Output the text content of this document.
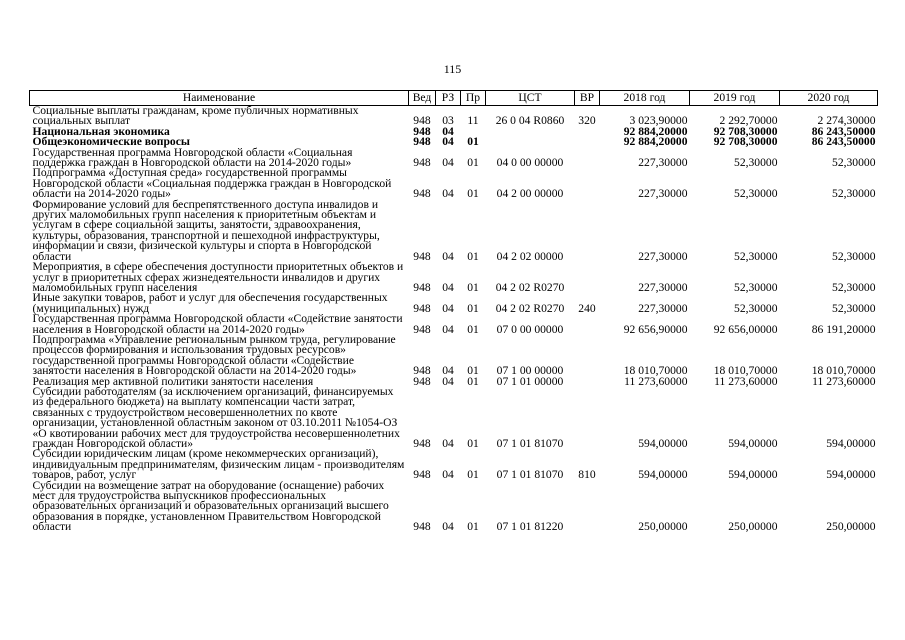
115
Наименование	Вед	РЗ	Пр	ЦСТ	ВР	2018 год	2019 год	2020 год
Социальные выплаты гражданам, кроме публичных нормативных социальных выплат	948	03	11	26 0 04 R0860	320	3 023,90000	2 292,70000	2 274,30000
Национальная экономика	948	04				92 884,20000	92 708,30000	86 243,50000
Общеэкономические вопросы	948	04	01			92 884,20000	92 708,30000	86 243,50000
Государственная программа Новгородской области «Социальная поддержка граждан в Новгородской области на 2014-2020 годы»	948	04	01	04 0 00 00000		227,30000	52,30000	52,30000
Подпрограмма «Доступная среда» государственной программы Новгородской области «Социальная поддержка граждан в Новгородской области на 2014-2020 годы»	948	04	01	04 2 00 00000		227,30000	52,30000	52,30000
Формирование условий для беспрепятственного доступа инвалидов и других маломобильных групп населения к приоритетным объектам и услугам в сфере социальной защиты, занятости, здравоохранения, культуры, образования, транспортной и пешеходной инфраструктуры, информации и связи, физической культуры и спорта в Новгородской области	948	04	01	04 2 02 00000		227,30000	52,30000	52,30000
Мероприятия, в сфере обеспечения доступности приоритетных объектов и услуг в приоритетных сферах жизнедеятельности инвалидов и других маломобильных групп населения	948	04	01	04 2 02 R0270		227,30000	52,30000	52,30000
Иные закупки товаров, работ и услуг для обеспечения государственных (муниципальных) нужд	948	04	01	04 2 02 R0270	240	227,30000	52,30000	52,30000
Государственная программа Новгородской области «Содействие занятости населения в Новгородской области на 2014-2020 годы»	948	04	01	07 0 00 00000		92 656,90000	92 656,00000	86 191,20000
Подпрограмма «Управление региональным рынком труда, регулирование процессов формирования и использования трудовых ресурсов» государственной программы Новгородской области «Содействие занятости населения в Новгородской области на 2014-2020 годы»	948	04	01	07 1 00 00000		18 010,70000	18 010,70000	18 010,70000
Реализация мер активной политики занятости населения	948	04	01	07 1 01 00000		11 273,60000	11 273,60000	11 273,60000
Субсидии работодателям (за исключением организаций, финансируемых из федерального бюджета) на выплату компенсации части затрат, связанных с трудоустройством несовершеннолетних по квоте организации, установленной областным законом от 03.10.2011 №1054-ОЗ «О квотировании рабочих мест для трудоустройства несовершеннолетних граждан Новгородской области»	948	04	01	07 1 01 81070		594,00000	594,00000	594,00000
Субсидии юридическим лицам (кроме некоммерческих организаций), индивидуальным предпринимателям, физическим лицам - производителям товаров, работ, услуг	948	04	01	07 1 01 81070	810	594,00000	594,00000	594,00000
Субсидии на возмещение затрат на оборудование (оснащение) рабочих мест для трудоустройства выпускников профессиональных образовательных организаций и образовательных организаций высшего образования в порядке, установленном Правительством Новгородской области	948	04	01	07 1 01 81220		250,00000	250,00000	250,00000
